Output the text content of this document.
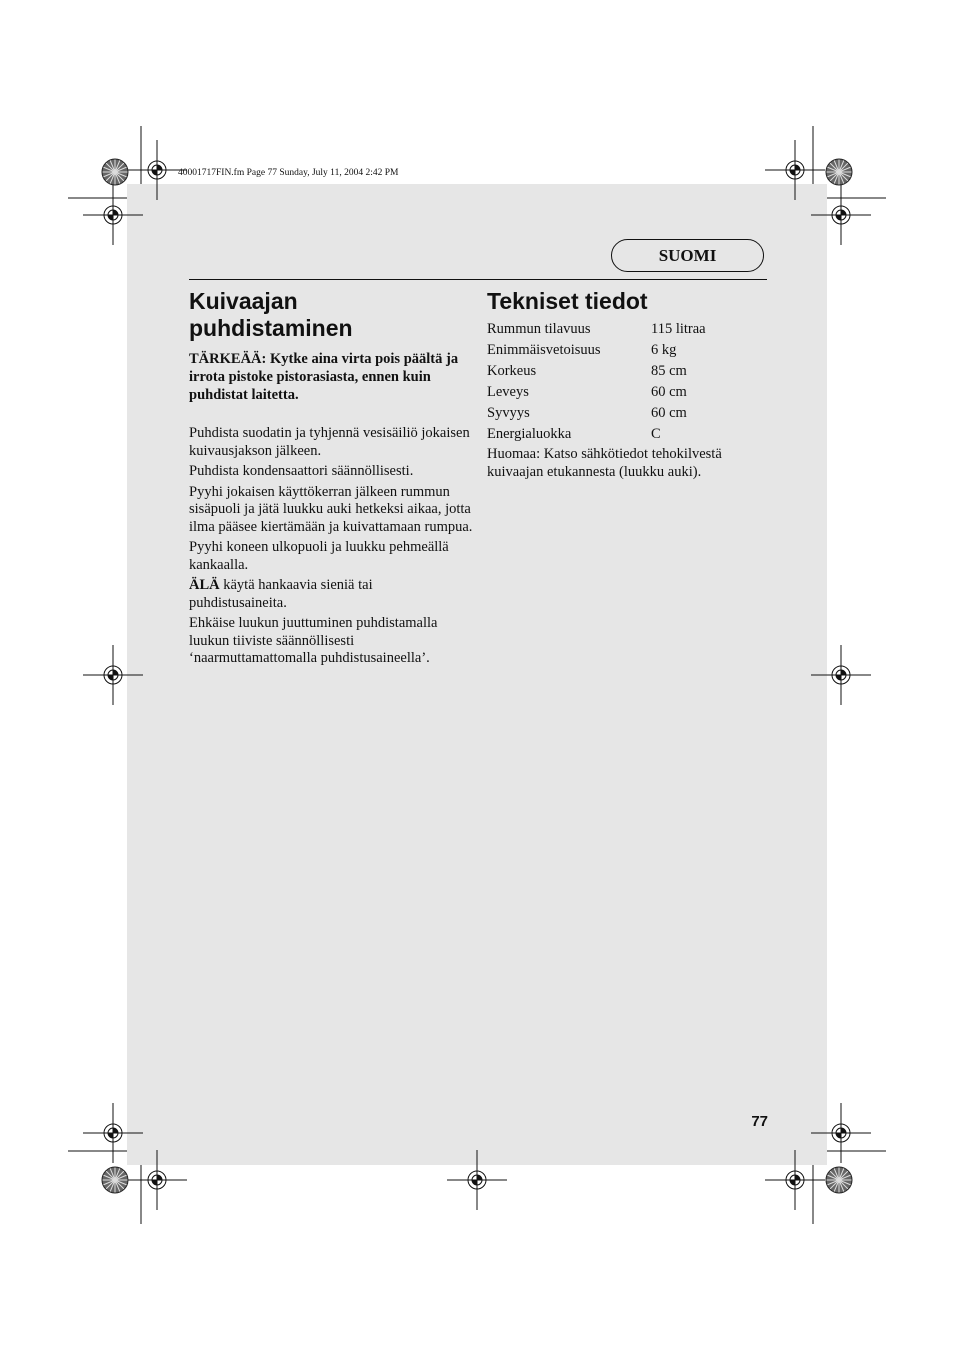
40001717FIN.fm Page 77 Sunday, July 11, 2004 2:42 PM
SUOMI
Kuivaajan
puhdistaminen

TÄRKEÄÄ: Kytke aina virta pois päältä ja irrota pistoke pistorasiasta, ennen kuin puhdistat laitetta.

Puhdista suodatin ja tyhjennä vesisäiliö jokaisen kuivausjakson jälkeen.

Puhdista kondensaattori säännöllisesti.

Pyyhi jokaisen käyttökerran jälkeen rummun sisäpuoli ja jätä luukku auki hetkeksi aikaa, jotta ilma pääsee kiertämään ja kuivattamaan rumpua.

Pyyhi koneen ulkopuoli ja luukku pehmeällä kankaalla.

ÄLÄ käytä hankaavia sieniä tai puhdistusaineita.

Ehkäise luukun juuttuminen puhdistamalla luukun tiiviste säännöllisesti ‘naarmuttamattomalla puhdistusaineella’.

Tekniset tiedot
Rummun tilavuus	115 litraa
Enimmäisvetoisuus	6 kg
Korkeus	85 cm
Leveys	60 cm
Syvyys	60 cm
Energialuokka	C

Huomaa: Katso sähkötiedot tehokilvestä kuivaajan etukannesta (luukku auki).

77
